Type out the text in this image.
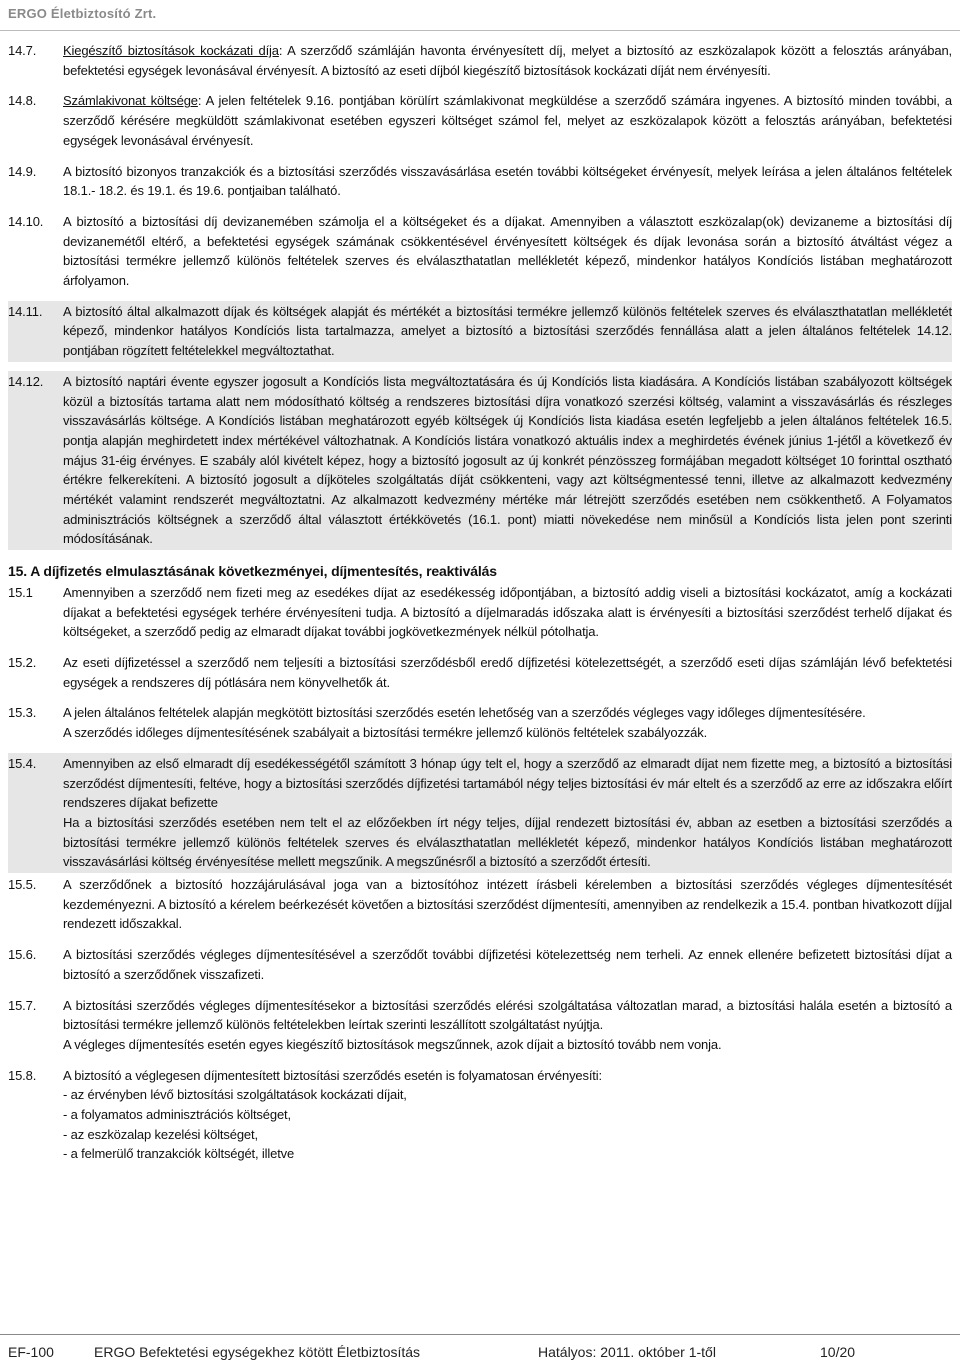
ERGO Életbiztosító Zrt.
14.7.	Kiegészítő biztosítások kockázati díja: A szerződő számláján havonta érvényesített díj, melyet a biztosító az eszközalapok között a felosztás arányában, befektetési egységek levonásával érvényesít. A biztosító az eseti díjból kiegészítő biztosítások kockázati díját nem érvényesíti.
14.8.	Számlakivonat költsége: A jelen feltételek 9.16. pontjában körülírt számlakivonat megküldése a szerződő számára ingyenes. A biztosító minden további, a szerződő kérésére megküldött számlakivonat esetében egyszeri költséget számol fel, melyet az eszközalapok között a felosztás arányában, befektetési egységek levonásával érvényesít.
14.9.	A biztosító bizonyos tranzakciók és a biztosítási szerződés visszavásárlása esetén további költségeket érvényesít, melyek leírása a jelen általános feltételek 18.1.- 18.2. és 19.1. és 19.6. pontjaiban található.
14.10.	A biztosító a biztosítási díj devizanemében számolja el a költségeket és a díjakat. Amennyiben a választott eszközalap(ok) devizaneme a biztosítási díj devizanemétől eltérő, a befektetési egységek számának csökkentésével érvényesített költségek és díjak levonása során a biztosító átváltást végez a biztosítási termékre jellemző különös feltételek szerves és elválaszthatatlan mellékletét képező, mindenkor hatályos Kondíciós listában meghatározott árfolyamon.
14.11.	A biztosító által alkalmazott díjak és költségek alapját és mértékét a biztosítási termékre jellemző különös feltételek szerves és elválaszthatatlan mellékletét képező, mindenkor hatályos Kondíciós lista tartalmazza, amelyet a biztosító a biztosítási szerződés fennállása alatt a jelen általános feltételek 14.12. pontjában rögzített feltételekkel megváltoztathat.
14.12.	A biztosító naptári évente egyszer jogosult a Kondíciós lista megváltoztatására és új Kondíciós lista kiadására. A Kondíciós listában szabályozott költségek közül a biztosítás tartama alatt nem módosítható költség a rendszeres biztosítási díjra vonatkozó szerzési költség, valamint a visszavásárlás és részleges visszavásárlás költsége. A Kondíciós listában meghatározott egyéb költségek új Kondíciós lista kiadása esetén legfeljebb a jelen általános feltételek 16.5. pontja alapján meghirdetett index mértékével változhatnak. A Kondíciós listára vonatkozó aktuális index a meghirdetés évének június 1-jétől a következő év május 31-éig érvényes. E szabály alól kivételt képez, hogy a biztosító jogosult az új konkrét pénzösszeg formájában megadott költséget 10 forinttal osztható értékre felkerekíteni. A biztosító jogosult a díjköteles szolgáltatás díját csökkenteni, vagy azt költségmentessé tenni, illetve az alkalmazott kedvezmény mértékét valamint rendszerét megváltoztatni. Az alkalmazott kedvezmény mértéke már létrejött szerződés esetében nem csökkenthető. A Folyamatos adminisztrációs költségnek a szerződő által választott értékkövetés (16.1. pont) miatti növekedése nem minősül a Kondíciós lista jelen pont szerinti módosításának.
15. A díjfizetés elmulasztásának következményei, díjmentesítés, reaktiválás
15.1	Amennyiben a szerződő nem fizeti meg az esedékes díjat az esedékesség időpontjában, a biztosító addig viseli a biztosítási kockázatot, amíg a kockázati díjakat a befektetési egységek terhére érvényesíteni tudja. A biztosító a díjelmaradás időszaka alatt is érvényesíti a biztosítási szerződést terhelő díjakat és költségeket, a szerződő pedig az elmaradt díjakat további jogkövetkezmények nélkül pótolhatja.
15.2.	Az eseti díjfizetéssel a szerződő nem teljesíti a biztosítási szerződésből eredő díjfizetési kötelezettségét, a szerződő eseti díjas számláján lévő befektetési egységek a rendszeres díj pótlására nem könyvelhetők át.
15.3.	A jelen általános feltételek alapján megkötött biztosítási szerződés esetén lehetőség van a szerződés végleges vagy időleges díjmentesítésére.

A szerződés időleges díjmentesítésének szabályait a biztosítási termékre jellemző különös feltételek szabályozzák.

15.4.	Amennyiben az első elmaradt díj esedékességétől számított 3 hónap úgy telt el, hogy a szerződő az elmaradt díjat nem fizette meg, a biztosító a biztosítási szerződést díjmentesíti, feltéve, hogy a biztosítási szerződés díjfizetési tartamából négy teljes biztosítási év már eltelt és a szerződő az erre az időszakra előírt rendszeres díjakat befizette

Ha a biztosítási szerződés esetében nem telt el az előzőekben írt négy teljes, díjjal rendezett biztosítási év, abban az esetben a biztosítási szerződés a biztosítási termékre jellemző különös feltételek szerves és elválaszthatatlan mellékletét képező, mindenkor hatályos Kondíciós listában meghatározott visszavásárlási költség érvényesítése mellett megszűnik. A megszűnésről a biztosító a szerződőt értesíti.

15.5.	A szerződőnek a biztosító hozzájárulásával joga van a biztosítóhoz intézett írásbeli kérelemben a biztosítási szerződés végleges díjmentesítését kezdeményezni. A biztosító a kérelem beérkezését követően a biztosítási szerződést díjmentesíti, amennyiben az rendelkezik a 15.4. pontban hivatkozott díjjal rendezett időszakkal.
15.6.	A biztosítási szerződés végleges díjmentesítésével a szerződőt további díjfizetési kötelezettség nem terheli. Az ennek ellenére befizetett biztosítási díjat a biztosító a szerződőnek visszafizeti.
15.7.	A biztosítási szerződés végleges díjmentesítésekor a biztosítási szerződés elérési szolgáltatása változatlan marad, a biztosítási halála esetén a biztosító a biztosítási termékre jellemző különös feltételekben leírtak szerinti leszállított szolgáltatást nyújtja.

A végleges díjmentesítés esetén egyes kiegészítő biztosítások megszűnnek, azok díjait a biztosító tovább nem vonja.

15.8.	A biztosító a véglegesen díjmentesített biztosítási szerződés esetén is folyamatosan érvényesíti:

- az érvényben lévő biztosítási szolgáltatások kockázati díjait,

- a folyamatos adminisztrációs költséget,

- az eszközalap kezelési költséget,

- a felmerülő tranzakciók költségét, illetve

EF-100	ERGO Befektetési egységekhez kötött Életbiztosítás	Hatályos: 2011. október 1-től	10/20
